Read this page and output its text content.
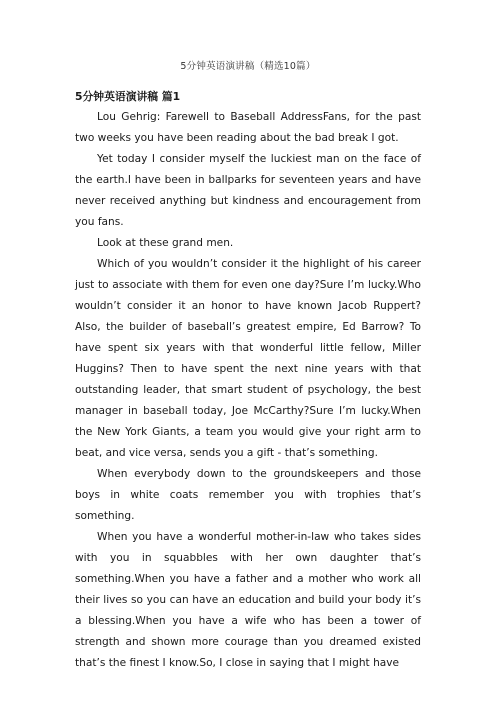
5分钟英语演讲稿（精选10篇）

5分钟英语演讲稿 篇1

Lou Gehrig: Farewell to Baseball AddressFans, for the past two weeks you have been reading about the bad break I got.

Yet today I consider myself the luckiest man on the face of the earth.I have been in ballparks for seventeen years and have never received anything but kindness and encouragement from you fans.

Look at these grand men.

Which of you wouldn’t consider it the highlight of his career just to associate with them for even one day?Sure I’m lucky.Who wouldn’t consider it an honor to have known Jacob Ruppert? Also, the builder of baseball’s greatest empire, Ed Barrow? To have spent six years with that wonderful little fellow, Miller Huggins? Then to have spent the next nine years with that outstanding leader, that smart student of psychology, the best manager in baseball today, Joe McCarthy?Sure I’m lucky.When the New York Giants, a team you would give your right arm to beat, and vice versa, sends you a gift - that’s something.

When everybody down to the groundskeepers and those boys in white coats remember you with trophies that’s something.

When you have a wonderful mother-in-law who takes sides with you in squabbles with her own daughter that’s something.When you have a father and a mother who work all their lives so you can have an education and build your body it’s a blessing.When you have a wife who has been a tower of strength and shown more courage than you dreamed existed that’s the finest I know.So, I close in saying that I might have
